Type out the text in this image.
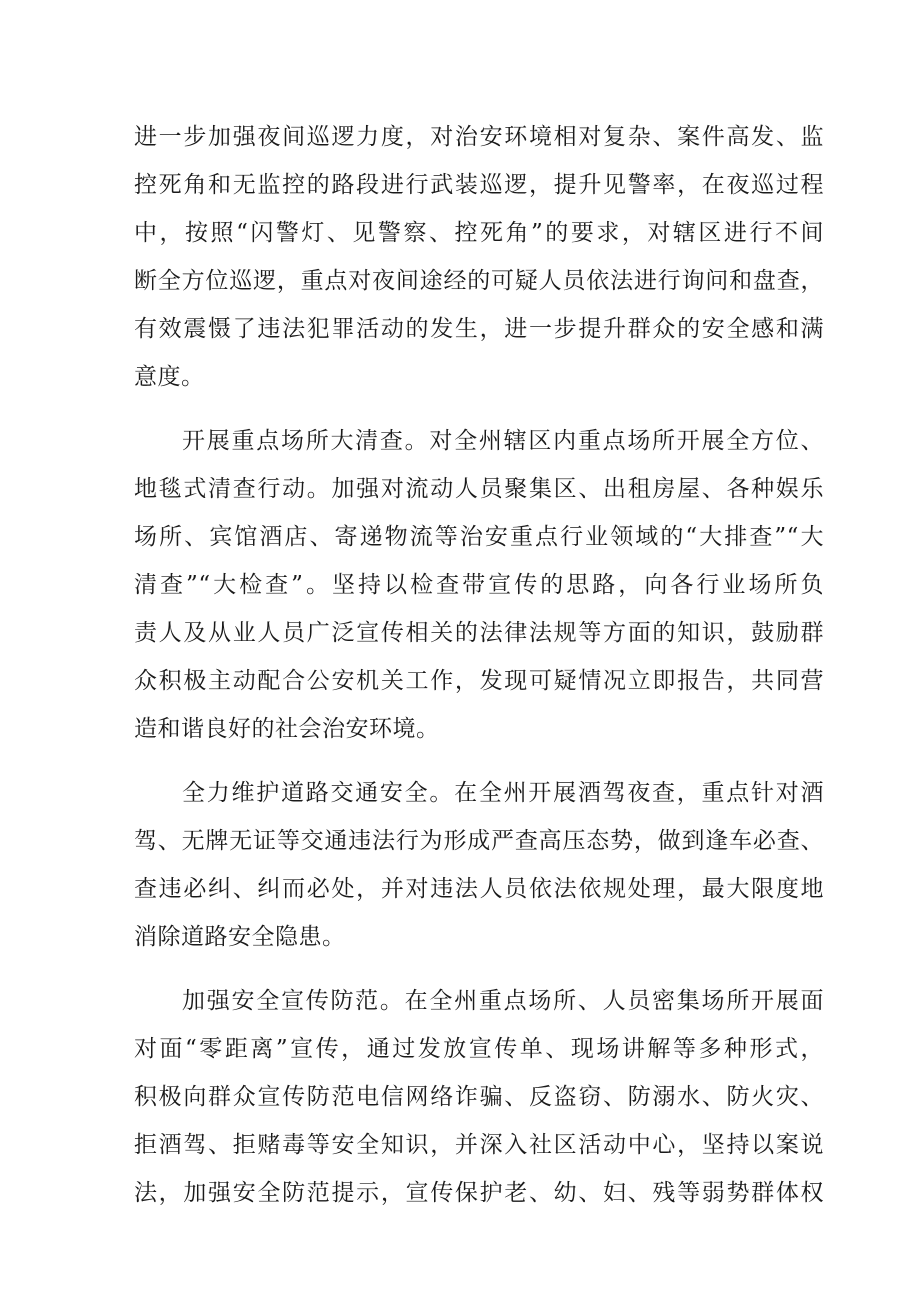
进一步加强夜间巡逻力度，对治安环境相对复杂、案件高发、监
控死角和无监控的路段进行武装巡逻，提升见警率，在夜巡过程
中，按照“闪警灯、见警察、控死角”的要求，对辖区进行不间
断全方位巡逻，重点对夜间途经的可疑人员依法进行询问和盘查，
有效震慑了违法犯罪活动的发生，进一步提升群众的安全感和满
意度。
开展重点场所大清查。对全州辖区内重点场所开展全方位、
地毯式清查行动。加强对流动人员聚集区、出租房屋、各种娱乐
场所、宾馆酒店、寄递物流等治安重点行业领域的“大排查”“大
清查”“大检查”。坚持以检查带宣传的思路，向各行业场所负
责人及从业人员广泛宣传相关的法律法规等方面的知识，鼓励群
众积极主动配合公安机关工作，发现可疑情况立即报告，共同营
造和谐良好的社会治安环境。
全力维护道路交通安全。在全州开展酒驾夜查，重点针对酒
驾、无牌无证等交通违法行为形成严查高压态势，做到逢车必查、
查违必纠、纠而必处，并对违法人员依法依规处理，最大限度地
消除道路安全隐患。
加强安全宣传防范。在全州重点场所、人员密集场所开展面
对面“零距离”宣传，通过发放宣传单、现场讲解等多种形式，
积极向群众宣传防范电信网络诈骗、反盗窃、防溺水、防火灾、
拒酒驾、拒赌毒等安全知识，并深入社区活动中心，坚持以案说
法，加强安全防范提示，宣传保护老、幼、妇、残等弱势群体权
